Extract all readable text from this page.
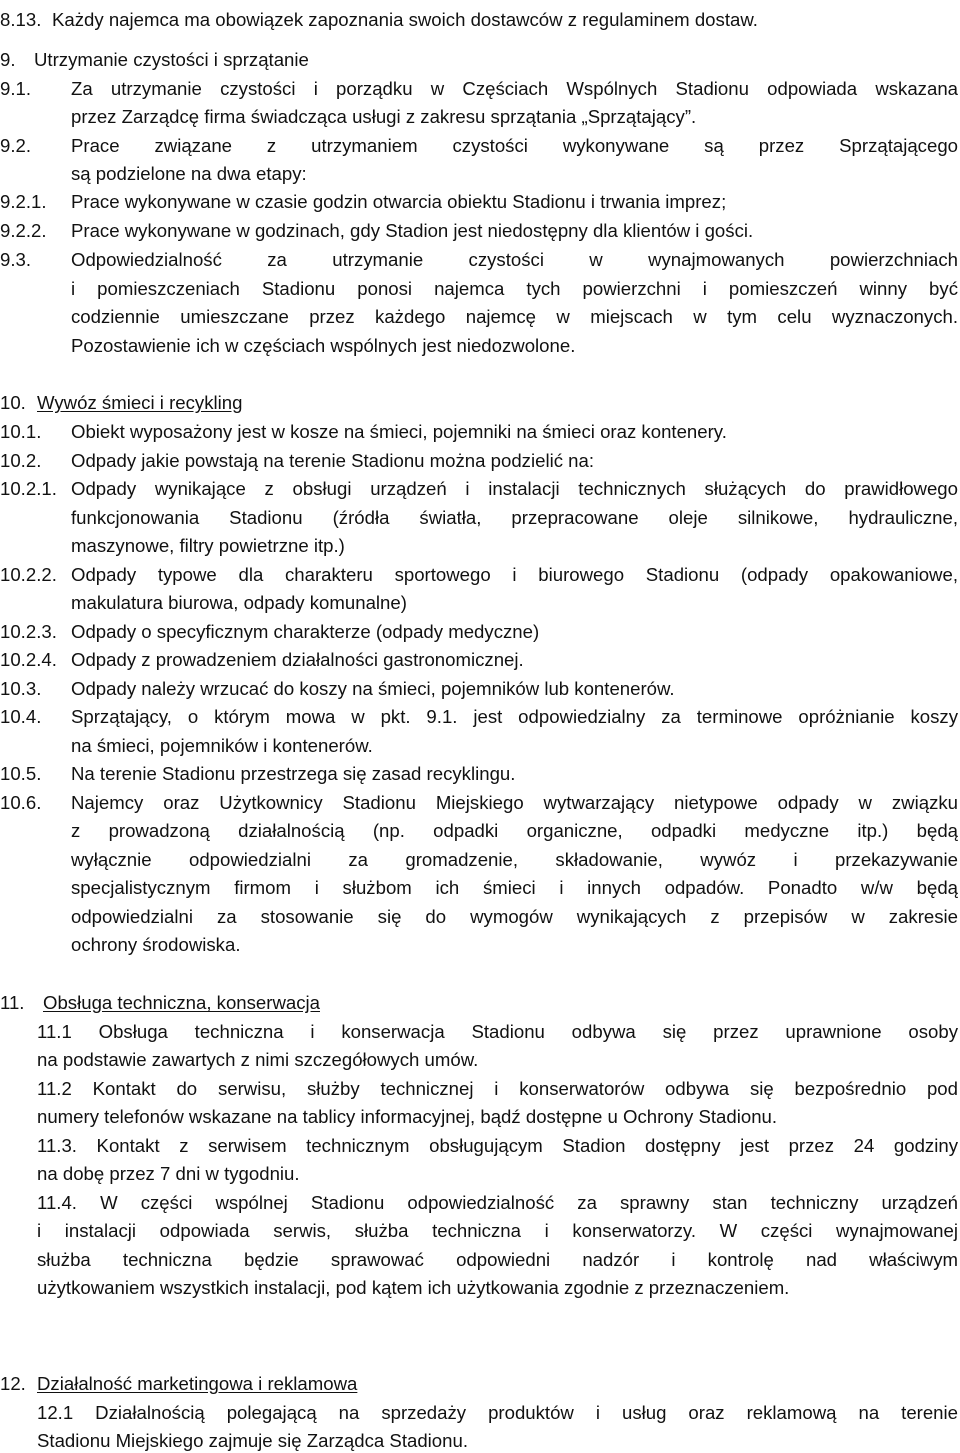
8.13. Każdy najemca ma obowiązek zapoznania swoich dostawców z regulaminem dostaw.
9. Utrzymanie czystości i sprzątanie
9.1. Za utrzymanie czystości i porządku w Częściach Wspólnych Stadionu odpowiada wskazana
przez Zarządcę firma świadcząca usługi z zakresu sprzątania „Sprzątający”.
9.2. Prace związane z utrzymaniem czystości wykonywane są przez Sprzątającego
są podzielone na dwa etapy:
9.2.1. Prace wykonywane w czasie godzin otwarcia obiektu Stadionu i trwania imprez;
9.2.2. Prace wykonywane w godzinach, gdy Stadion jest niedostępny dla klientów i gości.
9.3. Odpowiedzialność za utrzymanie czystości w wynajmowanych powierzchniach
i pomieszczeniach Stadionu ponosi najemca tych powierzchni i pomieszczeń winny być
codziennie umieszczane przez każdego najemcę w miejscach w tym celu wyznaczonych.
Pozostawienie ich w częściach wspólnych jest niedozwolone.
10. Wywóz śmieci i recykling
10.1. Obiekt wyposażony jest w kosze na śmieci, pojemniki na śmieci oraz kontenery.
10.2. Odpady jakie powstają na terenie Stadionu można podzielić na:
10.2.1. Odpady wynikające z obsługi urządzeń i instalacji technicznych służących do prawidłowego
funkcjonowania Stadionu (źródła światła, przepracowane oleje silnikowe, hydrauliczne,
maszynowe, filtry powietrzne itp.)
10.2.2. Odpady typowe dla charakteru sportowego i biurowego Stadionu (odpady opakowaniowe,
makulatura biurowa, odpady komunalne)
10.2.3. Odpady o specyficznym charakterze (odpady medyczne)
10.2.4. Odpady z prowadzeniem działalności gastronomicznej.
10.3. Odpady należy wrzucać do koszy na śmieci, pojemników lub kontenerów.
10.4. Sprzątający, o którym mowa w pkt. 9.1. jest odpowiedzialny za terminowe opróżnianie koszy
na śmieci, pojemników i kontenerów.
10.5. Na terenie Stadionu przestrzega się zasad recyklingu.
10.6. Najemcy oraz Użytkownicy Stadionu Miejskiego wytwarzający nietypowe odpady w związku
z prowadzoną działalnością (np. odpadki organiczne, odpadki medyczne itp.) będą
wyłącznie odpowiedzialni za gromadzenie, składowanie, wywóz i przekazywanie
specjalistycznym firmom i służbom ich śmieci i innych odpadów. Ponadto w/w będą
odpowiedzialni za stosowanie się do wymogów wynikających z przepisów w zakresie
ochrony środowiska.
11. Obsługa techniczna, konserwacja
11.1 Obsługa techniczna i konserwacja Stadionu odbywa się przez uprawnione osoby
na podstawie zawartych z nimi szczegółowych umów.
11.2 Kontakt do serwisu, służby technicznej i konserwatorów odbywa się bezpośrednio pod
numery telefonów wskazane na tablicy informacyjnej, bądź dostępne u Ochrony Stadionu.
11.3. Kontakt z serwisem technicznym obsługującym Stadion dostępny jest przez 24 godziny
na dobę przez 7 dni w tygodniu.
11.4. W części wspólnej Stadionu odpowiedzialność za sprawny stan techniczny urządzeń
i instalacji odpowiada serwis, służba techniczna i konserwatorzy. W części wynajmowanej
służba techniczna będzie sprawować odpowiedni nadzór i kontrolę nad właściwym
użytkowaniem wszystkich instalacji, pod kątem ich użytkowania zgodnie z przeznaczeniem.
12. Działalność marketingowa i reklamowa
12.1 Działalnością polegającą na sprzedaży produktów i usług oraz reklamową na terenie
Stadionu Miejskiego zajmuje się Zarządca Stadionu.
